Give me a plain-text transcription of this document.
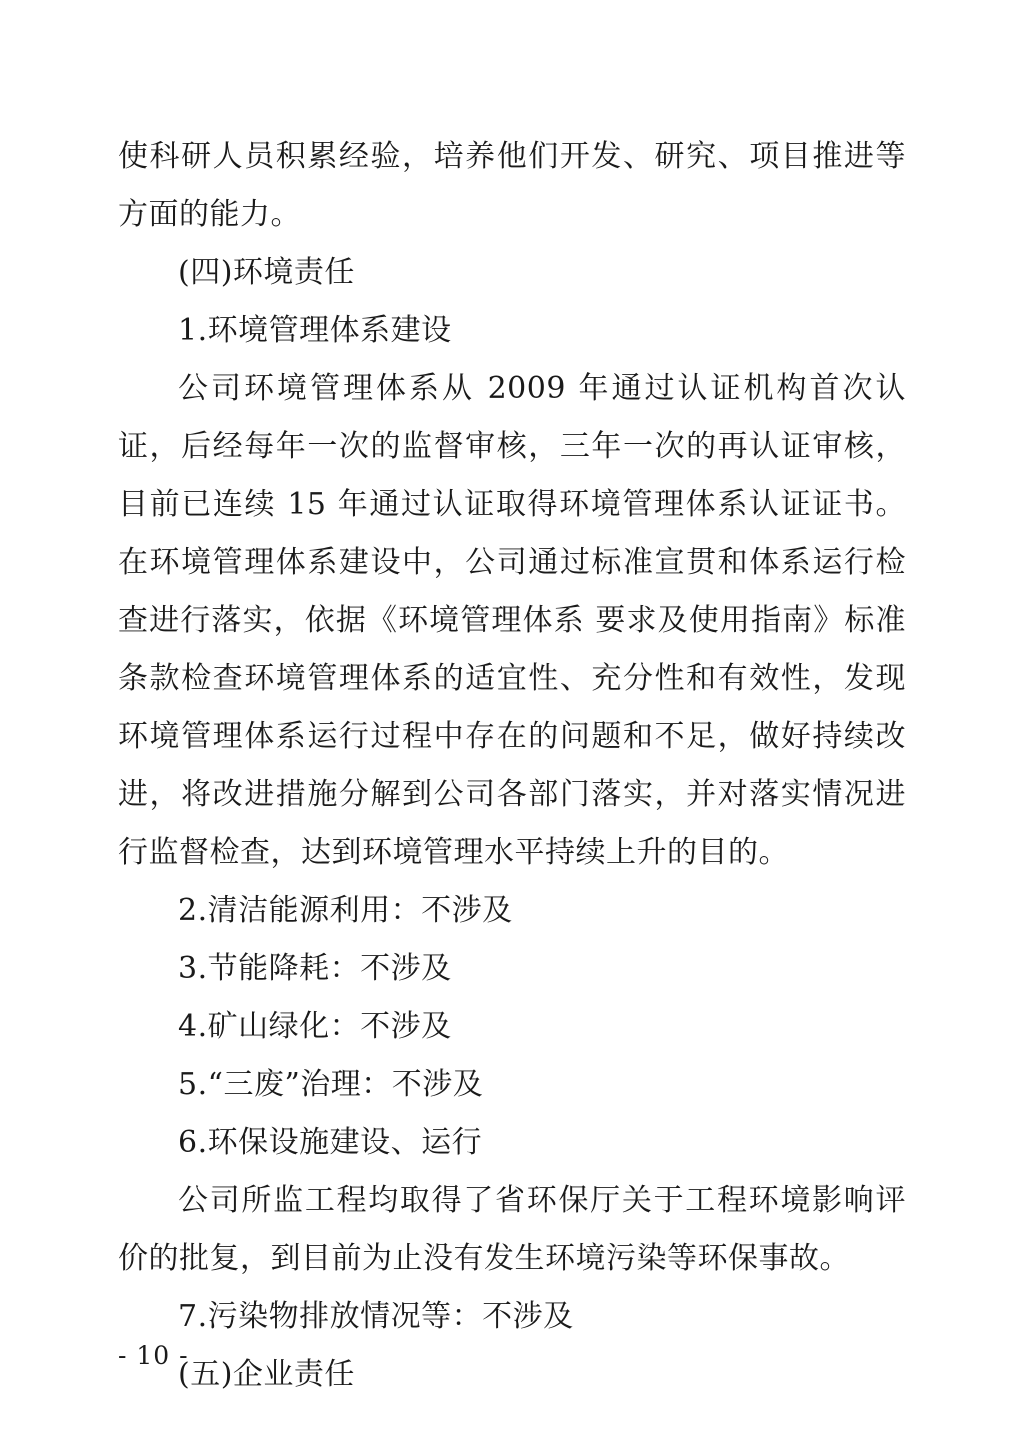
使科研人员积累经验，培养他们开发、研究、项目推进等方面的能力。

(四)环境责任

1.环境管理体系建设

公司环境管理体系从 2009 年通过认证机构首次认证，后经每年一次的监督审核，三年一次的再认证审核，目前已连续 15 年通过认证取得环境管理体系认证证书。在环境管理体系建设中，公司通过标准宣贯和体系运行检查进行落实，依据《环境管理体系 要求及使用指南》标准条款检查环境管理体系的适宜性、充分性和有效性，发现环境管理体系运行过程中存在的问题和不足，做好持续改进，将改进措施分解到公司各部门落实，并对落实情况进行监督检查，达到环境管理水平持续上升的目的。

2.清洁能源利用：不涉及

3.节能降耗：不涉及

4.矿山绿化：不涉及

5.“三废”治理：不涉及

6.环保设施建设、运行

公司所监工程均取得了省环保厅关于工程环境影响评价的批复，到目前为止没有发生环境污染等环保事故。

7.污染物排放情况等：不涉及

(五)企业责任

- 10 -
